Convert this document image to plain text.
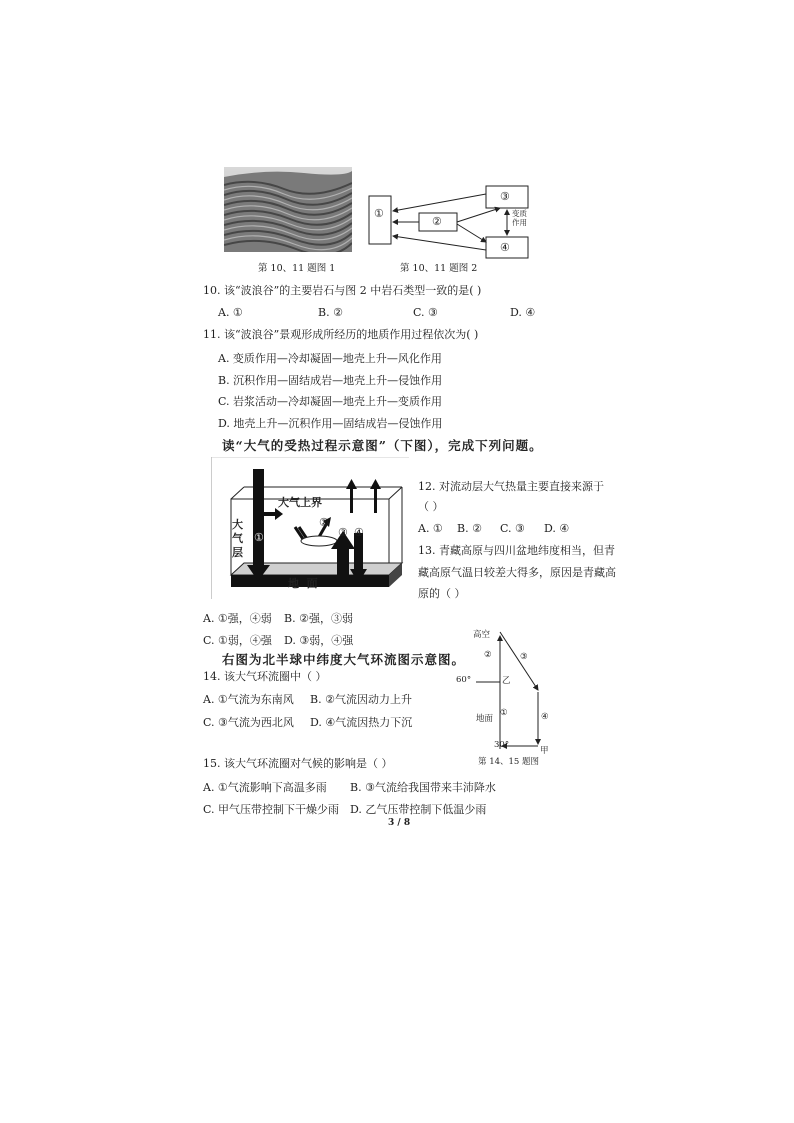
第 10、11 题图 1
①
②
③
④
变质作用
第 10、11 题图 2
10. 该“波浪谷”的主要岩石与图 2 中岩石类型一致的是( )
A. ①	B. ②	C. ③	D. ④
11. 该“波浪谷”景观形成所经历的地质作用过程依次为( )
A. 变质作用—冷却凝固—地壳上升—风化作用
B. 沉积作用—固结成岩—地壳上升—侵蚀作用
C. 岩浆活动—冷却凝固—地壳上升—变质作用
D. 地壳上升—沉积作用—固结成岩—侵蚀作用
读“大气的受热过程示意图”（下图），完成下列问题。
大气上界
大气层
地  面
①
②
③ ④
12. 对流动层大气热量主要直接来源于
（ ）
A. ① B. ② C. ③ D. ④
13. 青藏高原与四川盆地纬度相当，但青
藏高原气温日较差大得多，原因是青藏高
原的（ ）
A. ①强，④弱 B. ②强，③弱
C. ①弱，④强 D. ③弱，④强
右图为北半球中纬度大气环流图示意图。
14. 该大气环流圈中（ ）
A. ①气流为东南风 B. ②气流因动力上升
C. ③气流为西北风 D. ④气流因热力下沉
高空
②	③
60°	乙
地面
①	④
30°
甲
第 14、15 题图
15. 该大气环流圈对气候的影响是（ ）
A. ①气流影响下高温多雨 B. ③气流给我国带来丰沛降水
C. 甲气压带控制下干燥少雨 D. 乙气压带控制下低温少雨
3 / 8
